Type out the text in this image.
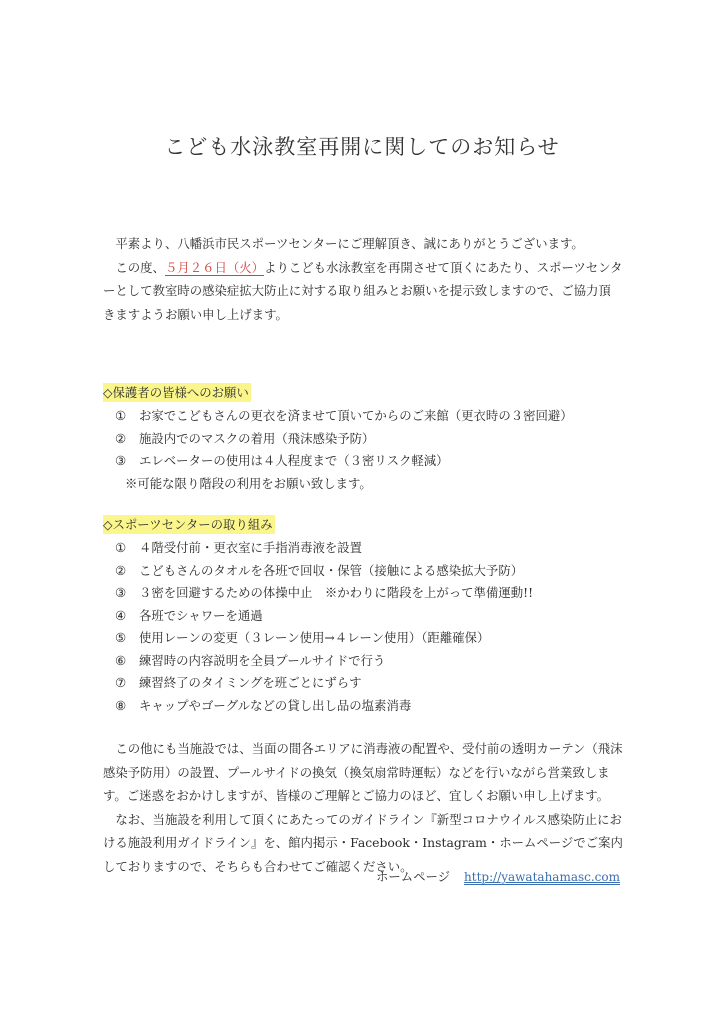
こども水泳教室再開に関してのお知らせ

平素より、八幡浜市民スポーツセンターにご理解頂き、誠にありがとうございます。

この度、５月２６日（火）よりこども水泳教室を再開させて頂くにあたり、スポーツセンターとして教室時の感染症拡大防止に対する取り組みとお願いを提示致しますので、ご協力頂きますようお願い申し上げます。

◇保護者の皆様へのお願い
① お家でこどもさんの更衣を済ませて頂いてからのご来館（更衣時の３密回避）
② 施設内でのマスクの着用（飛沫感染予防）
③ エレベーターの使用は４人程度まで（３密リスク軽減）
※可能な限り階段の利用をお願い致します。
◇スポーツセンターの取り組み
① ４階受付前・更衣室に手指消毒液を設置
② こどもさんのタオルを各班で回収・保管（接触による感染拡大予防）
③ ３密を回避するための体操中止　※かわりに階段を上がって準備運動!!
④ 各班でシャワーを通過
⑤ 使用レーンの変更（３レーン使用→４レーン使用）（距離確保）
⑥ 練習時の内容説明を全員プールサイドで行う
⑦ 練習終了のタイミングを班ごとにずらす
⑧ キャップやゴーグルなどの貸し出し品の塩素消毒

この他にも当施設では、当面の間各エリアに消毒液の配置や、受付前の透明カーテン（飛沫感染予防用）の設置、プールサイドの換気（換気扇常時運転）などを行いながら営業致します。ご迷惑をおかけしますが、皆様のご理解とご協力のほど、宜しくお願い申し上げます。

なお、当施設を利用して頂くにあたってのガイドライン『新型コロナウイルス感染防止における施設利用ガイドライン』を、館内掲示・Facebook・Instagram・ホームページでご案内しておりますので、そちらも合わせてご確認ください。

ホームページ http://yawatahamasc.com
